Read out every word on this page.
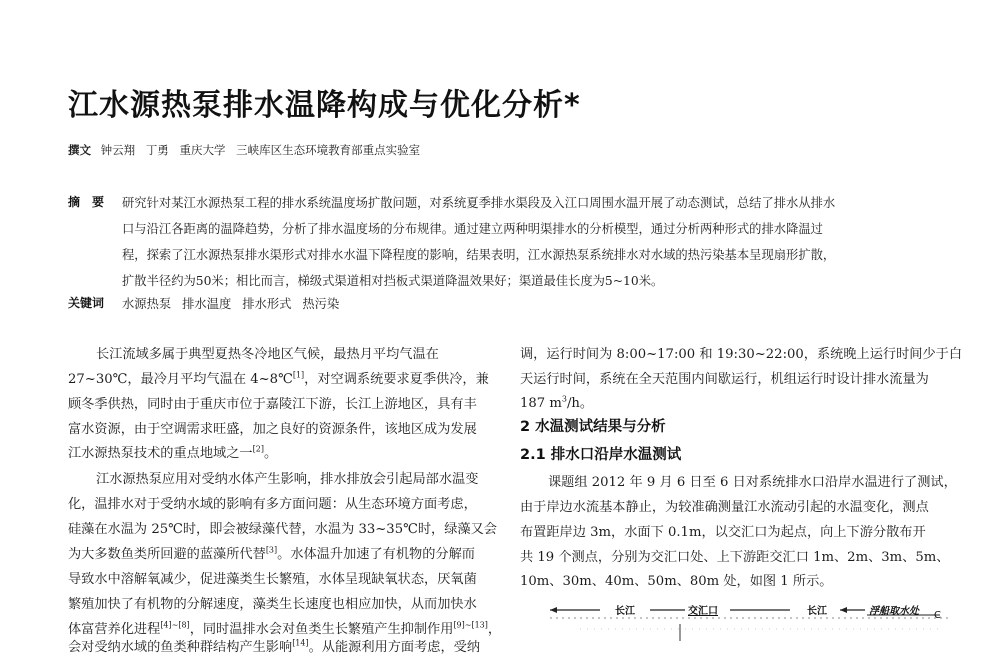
江水源热泵排水温降构成与优化分析*
撰文 钟云翔 丁勇 重庆大学 三峡库区生态环境教育部重点实验室
摘　要 研究针对某江水源热泵工程的排水系统温度场扩散问题，对系统夏季排水渠段及入江口周围水温开展了动态测试，总结了排水从排水
口与沿江各距离的温降趋势，分析了排水温度场的分布规律。通过建立两种明渠排水的分析模型，通过分析两种形式的排水降温过
程，探索了江水源热泵排水渠形式对排水水温下降程度的影响，结果表明，江水源热泵系统排水对水域的热污染基本呈现扇形扩散，
扩散半径约为50米；相比而言，梯级式渠道相对挡板式渠道降温效果好；渠道最佳长度为5~10米。
关键词 水源热泵 排水温度 排水形式 热污染
长江流域多属于典型夏热冬冷地区气候，最热月平均气温在
27~30℃，最冷月平均气温在 4~8℃[1]，对空调系统要求夏季供冷，兼
顾冬季供热，同时由于重庆市位于嘉陵江下游，长江上游地区，具有丰
富水资源，由于空调需求旺盛，加之良好的资源条件，该地区成为发展
江水源热泵技术的重点地域之一[2]。
江水源热泵应用对受纳水体产生影响，排水排放会引起局部水温变
化，温排水对于受纳水域的影响有多方面问题：从生态环境方面考虑，
硅藻在水温为 25℃时，即会被绿藻代替，水温为 33~35℃时，绿藻又会
为大多数鱼类所回避的蓝藻所代替[3]。水体温升加速了有机物的分解而
导致水中溶解氧减少，促进藻类生长繁殖，水体呈现缺氧状态，厌氧菌
繁殖加快了有机物的分解速度，藻类生长速度也相应加快，从而加快水
体富营养化进程[4]~[8]，同时温排水会对鱼类生长繁殖产生抑制作用[9]~[13]，
会对受纳水域的鱼类种群结构产生影响[14]。从能源利用方面考虑，受纳
调，运行时间为 8:00~17:00 和 19:30~22:00，系统晚上运行时间少于白
天运行时间，系统在全天范围内间歇运行，机组运行时设计排水流量为
187 $m^3/h$。
2 水温测试结果与分析
2.1 排水口沿岸水温测试
课题组 2012 年 9 月 6 日至 6 日对系统排水口沿岸水温进行了测试，
由于岸边水流基本静止，为较准确测量江水流动引起的水温变化，测点
布置距岸边 3m，水面下 0.1m，以交汇口为起点，向上下游分散布开
共 19 个测点，分别为交汇口处、上下游距交汇口 1m、2m、3m、5m、
10m、30m、40m、50m、80m 处，如图 1 所示。
长江	交汇口	长江	浮船取水处 C
